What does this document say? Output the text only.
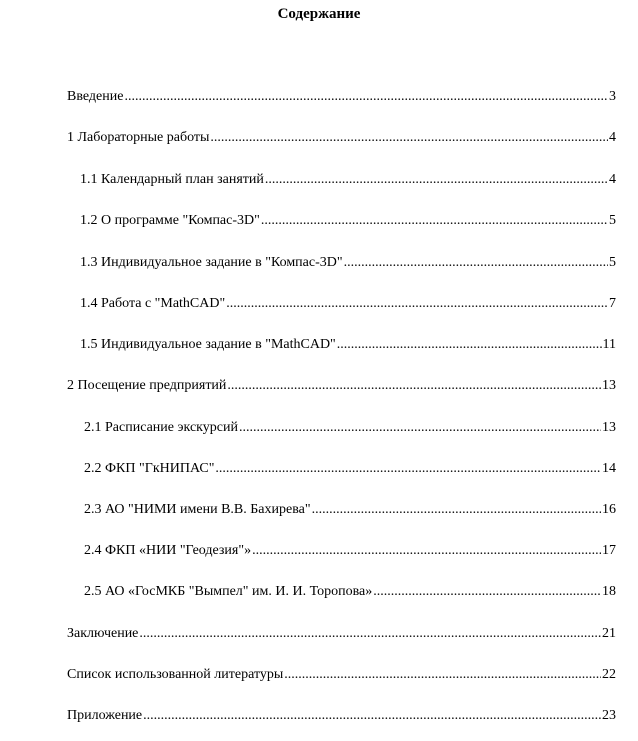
Содержание
Введение .....	3
1 Лабораторные работы .....	4
1.1 Календарный план занятий .....	4
1.2 О программе "Компас-3D" .....	5
1.3 Индивидуальное задание в "Компас-3D" .....	5
1.4 Работа с "MathCAD" .....	7
1.5 Индивидуальное задание в "MathCAD" .....	11
2 Посещение предприятий .....	13
2.1 Расписание экскурсий .....	13
2.2 ФКП "ГкНИПАС" .....	14
2.3 АО "НИМИ имени В.В. Бахирева" .....	16
2.4 ФКП «НИИ "Геодезия"» .....	17
2.5 АО «ГосМКБ "Вымпел" им. И. И. Торопова» .....	18
Заключение .....	21
Список использованной литературы .....	22
Приложение .....	23
